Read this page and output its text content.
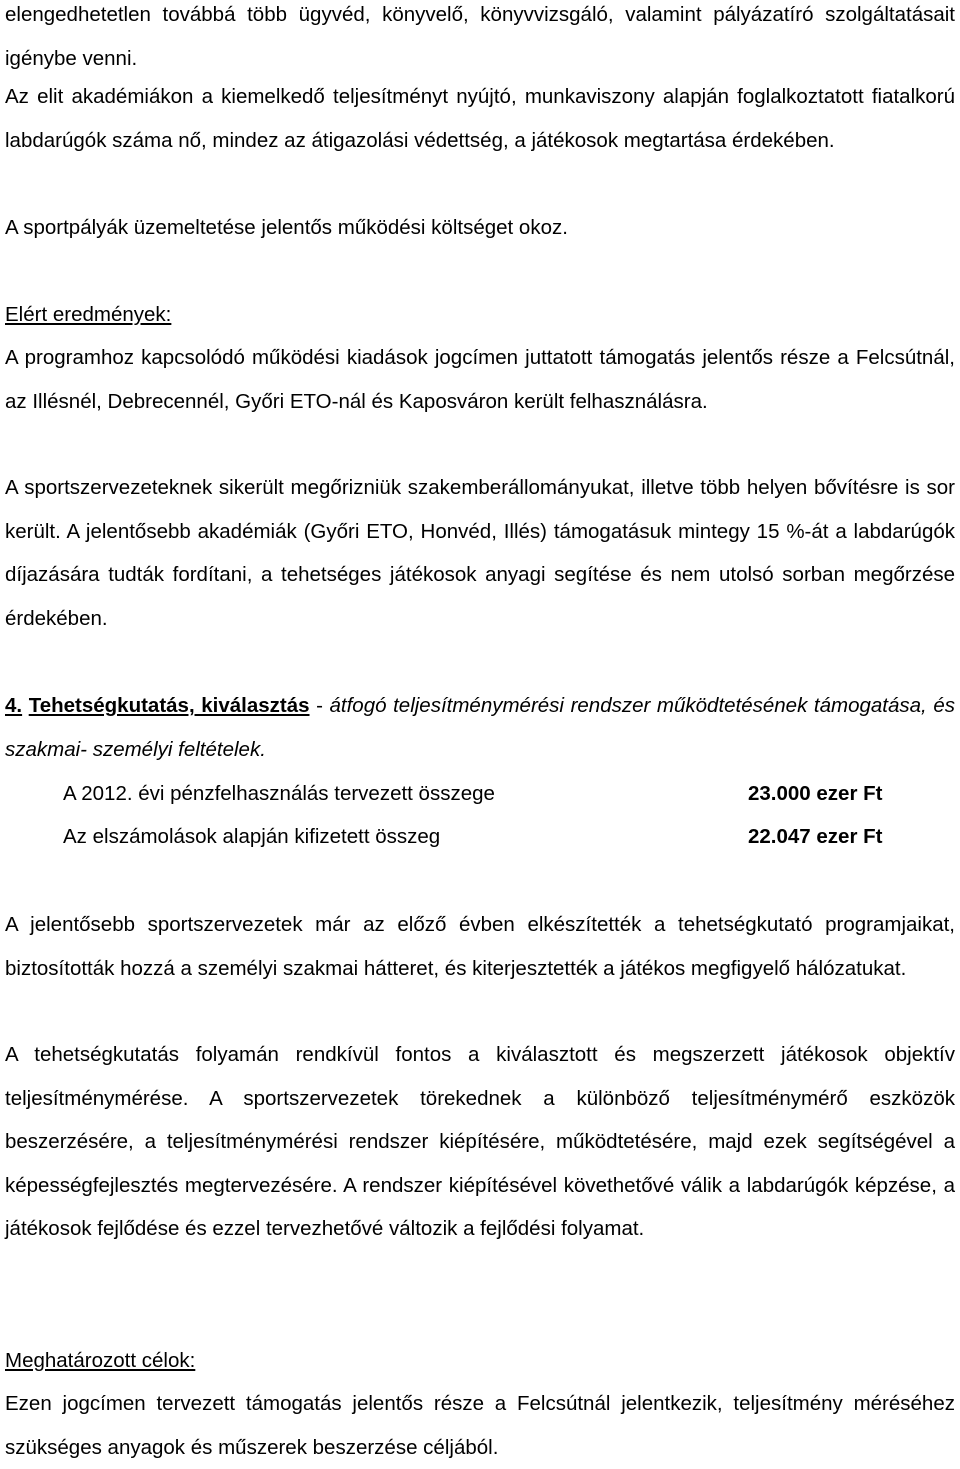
elengedhetetlen továbbá több ügyvéd, könyvelő, könyvvizsgáló, valamint pályázatíró szolgáltatásait igénybe venni.

Az elit akadémiákon a kiemelkedő teljesítményt nyújtó, munkaviszony alapján foglalkoztatott fiatalkorú labdarúgók száma nő, mindez az átigazolási védettség, a játékosok megtartása érdekében.

A sportpályák üzemeltetése jelentős működési költséget okoz.

Elért eredmények:

A programhoz kapcsolódó működési kiadások jogcímen juttatott támogatás jelentős része a Felcsútnál, az Illésnél, Debrecennél, Győri ETO-nál és Kaposváron került felhasználásra.

A sportszervezeteknek sikerült megőrizniük szakemberállományukat, illetve több helyen bővítésre is sor került. A jelentősebb akadémiák (Győri ETO, Honvéd, Illés) támogatásuk mintegy 15 %-át a labdarúgók díjazására tudták fordítani, a tehetséges játékosok anyagi segítése és nem utolsó sorban megőrzése érdekében.

4. Tehetségkutatás, kiválasztás - átfogó teljesítménymérési rendszer működtetésének támogatása, és szakmai- személyi feltételek.

A 2012. évi pénzfelhasználás tervezett összege	23.000 ezer Ft
Az elszámolások alapján kifizetett összeg	22.047 ezer Ft

A jelentősebb sportszervezetek már az előző évben elkészítették a tehetségkutató programjaikat, biztosították hozzá a személyi szakmai hátteret, és kiterjesztették a játékos megfigyelő hálózatukat.

A tehetségkutatás folyamán rendkívül fontos a kiválasztott és megszerzett játékosok objektív teljesítménymérése. A sportszervezetek törekednek a különböző teljesítménymérő eszközök beszerzésére, a teljesítménymérési rendszer kiépítésére, működtetésére, majd ezek segítségével a képességfejlesztés megtervezésére. A rendszer kiépítésével követhetővé válik a labdarúgók képzése, a játékosok fejlődése és ezzel tervezhetővé változik a fejlődési folyamat.

Meghatározott célok:

Ezen jogcímen tervezett támogatás jelentős része a Felcsútnál jelentkezik, teljesítmény méréséhez szükséges anyagok és műszerek beszerzése céljából.
